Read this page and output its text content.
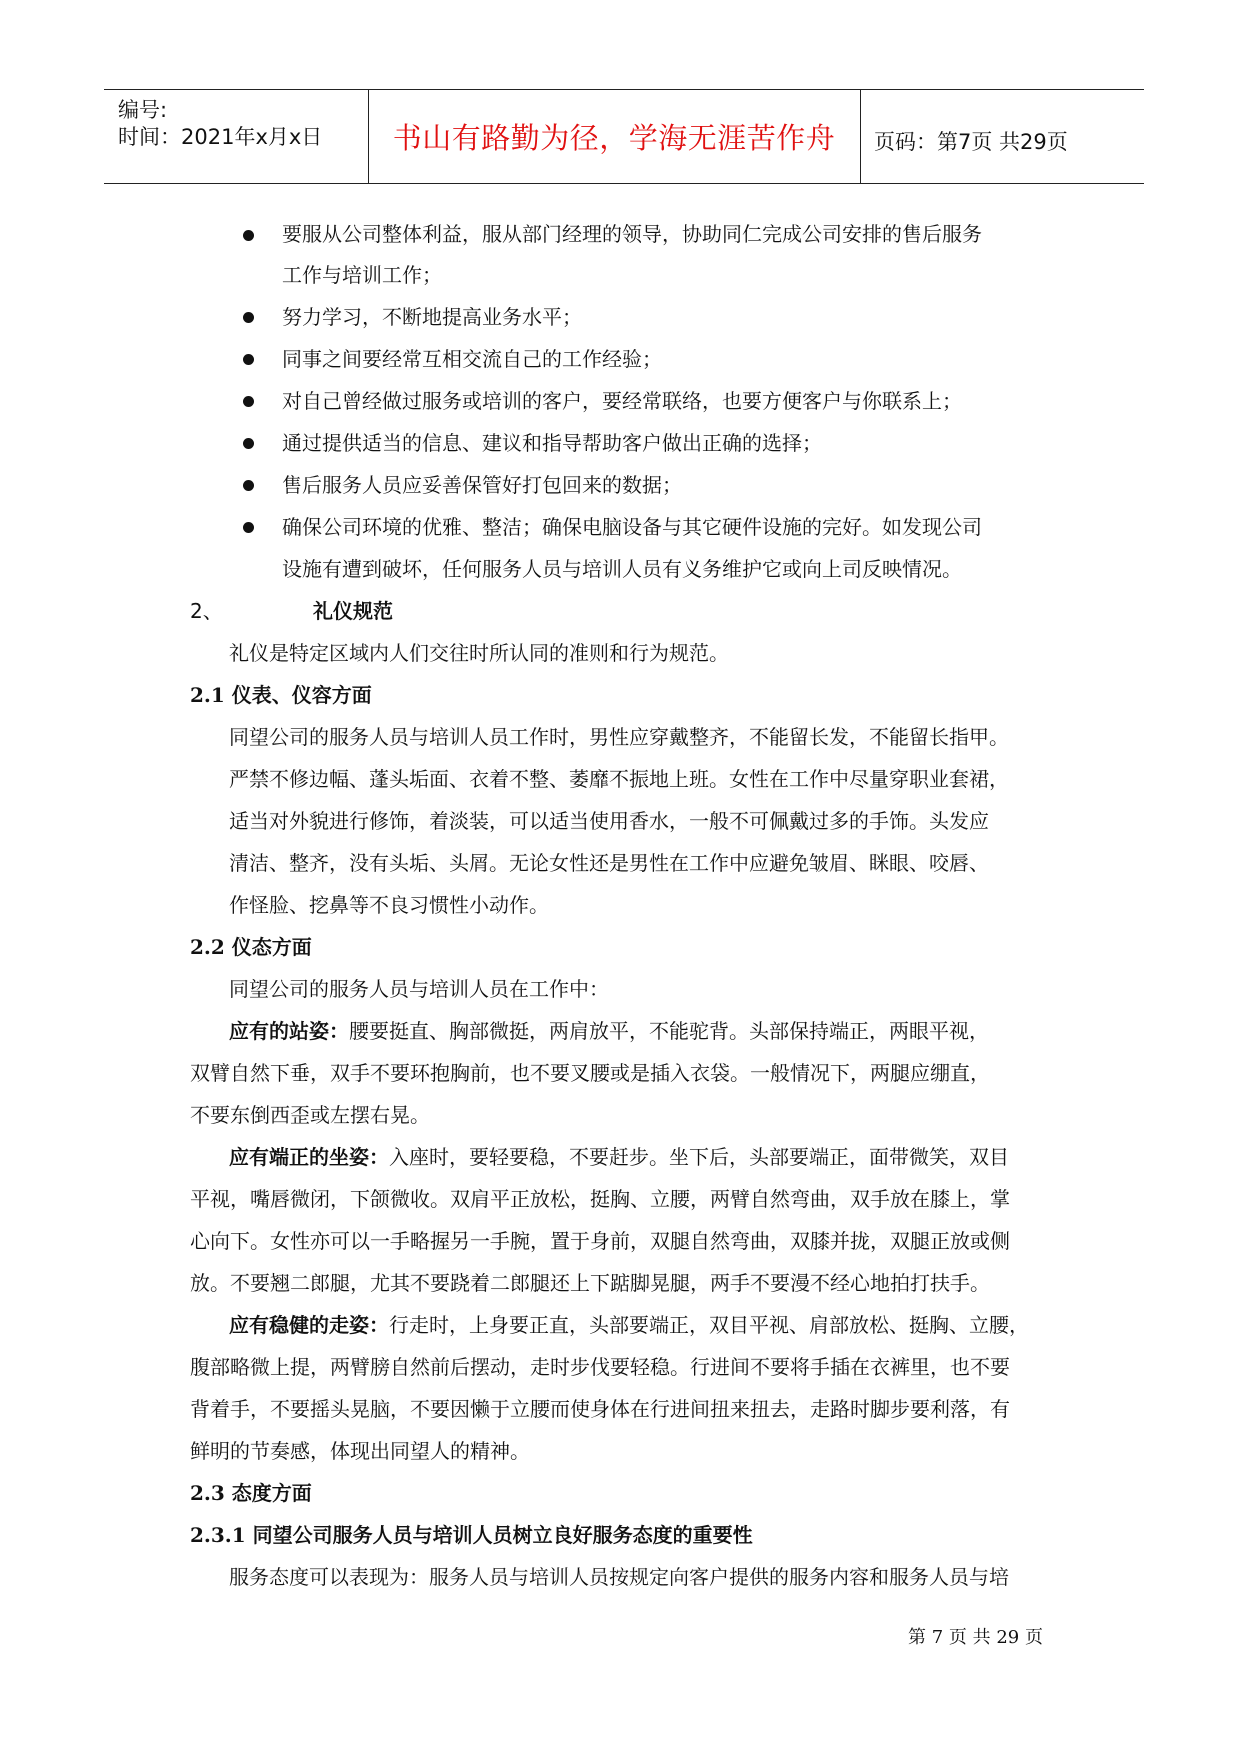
编号:
时间：2021年x月x日	书山有路勤为径，学海无涯苦作舟	页码：第7页 共29页
要服从公司整体利益，服从部门经理的领导，协助同仁完成公司安排的售后服务
工作与培训工作；
努力学习，不断地提高业务水平；
同事之间要经常互相交流自己的工作经验；
对自己曾经做过服务或培训的客户，要经常联络，也要方便客户与你联系上；
通过提供适当的信息、建议和指导帮助客户做出正确的选择；
售后服务人员应妥善保管好打包回来的数据；
确保公司环境的优雅、整洁；确保电脑设备与其它硬件设施的完好。如发现公司
设施有遭到破坏，任何服务人员与培训人员有义务维护它或向上司反映情况。
2、	礼仪规范
礼仪是特定区域内人们交往时所认同的准则和行为规范。
2.1 仪表、仪容方面
同望公司的服务人员与培训人员工作时，男性应穿戴整齐，不能留长发，不能留长指甲。
严禁不修边幅、蓬头垢面、衣着不整、萎靡不振地上班。女性在工作中尽量穿职业套裙，
适当对外貌进行修饰，着淡装，可以适当使用香水，一般不可佩戴过多的手饰。头发应
清洁、整齐，没有头垢、头屑。无论女性还是男性在工作中应避免皱眉、眯眼、咬唇、
作怪脸、挖鼻等不良习惯性小动作。
2.2 仪态方面
同望公司的服务人员与培训人员在工作中：
应有的站姿：腰要挺直、胸部微挺，两肩放平，不能驼背。头部保持端正，两眼平视，
双臂自然下垂，双手不要环抱胸前，也不要叉腰或是插入衣袋。一般情况下，两腿应绷直，
不要东倒西歪或左摆右晃。
应有端正的坐姿：入座时，要轻要稳，不要赶步。坐下后，头部要端正，面带微笑，双目
平视，嘴唇微闭，下颌微收。双肩平正放松，挺胸、立腰，两臂自然弯曲，双手放在膝上，掌
心向下。女性亦可以一手略握另一手腕，置于身前，双腿自然弯曲，双膝并拢，双腿正放或侧
放。不要翘二郎腿，尤其不要跷着二郎腿还上下踮脚晃腿，两手不要漫不经心地拍打扶手。
应有稳健的走姿：行走时，上身要正直，头部要端正，双目平视、肩部放松、挺胸、立腰，
腹部略微上提，两臂膀自然前后摆动，走时步伐要轻稳。行进间不要将手插在衣裤里，也不要
背着手，不要摇头晃脑，不要因懒于立腰而使身体在行进间扭来扭去，走路时脚步要利落，有
鲜明的节奏感，体现出同望人的精神。
2.3 态度方面
2.3.1 同望公司服务人员与培训人员树立良好服务态度的重要性
服务态度可以表现为：服务人员与培训人员按规定向客户提供的服务内容和服务人员与培
第 7 页 共 29 页
